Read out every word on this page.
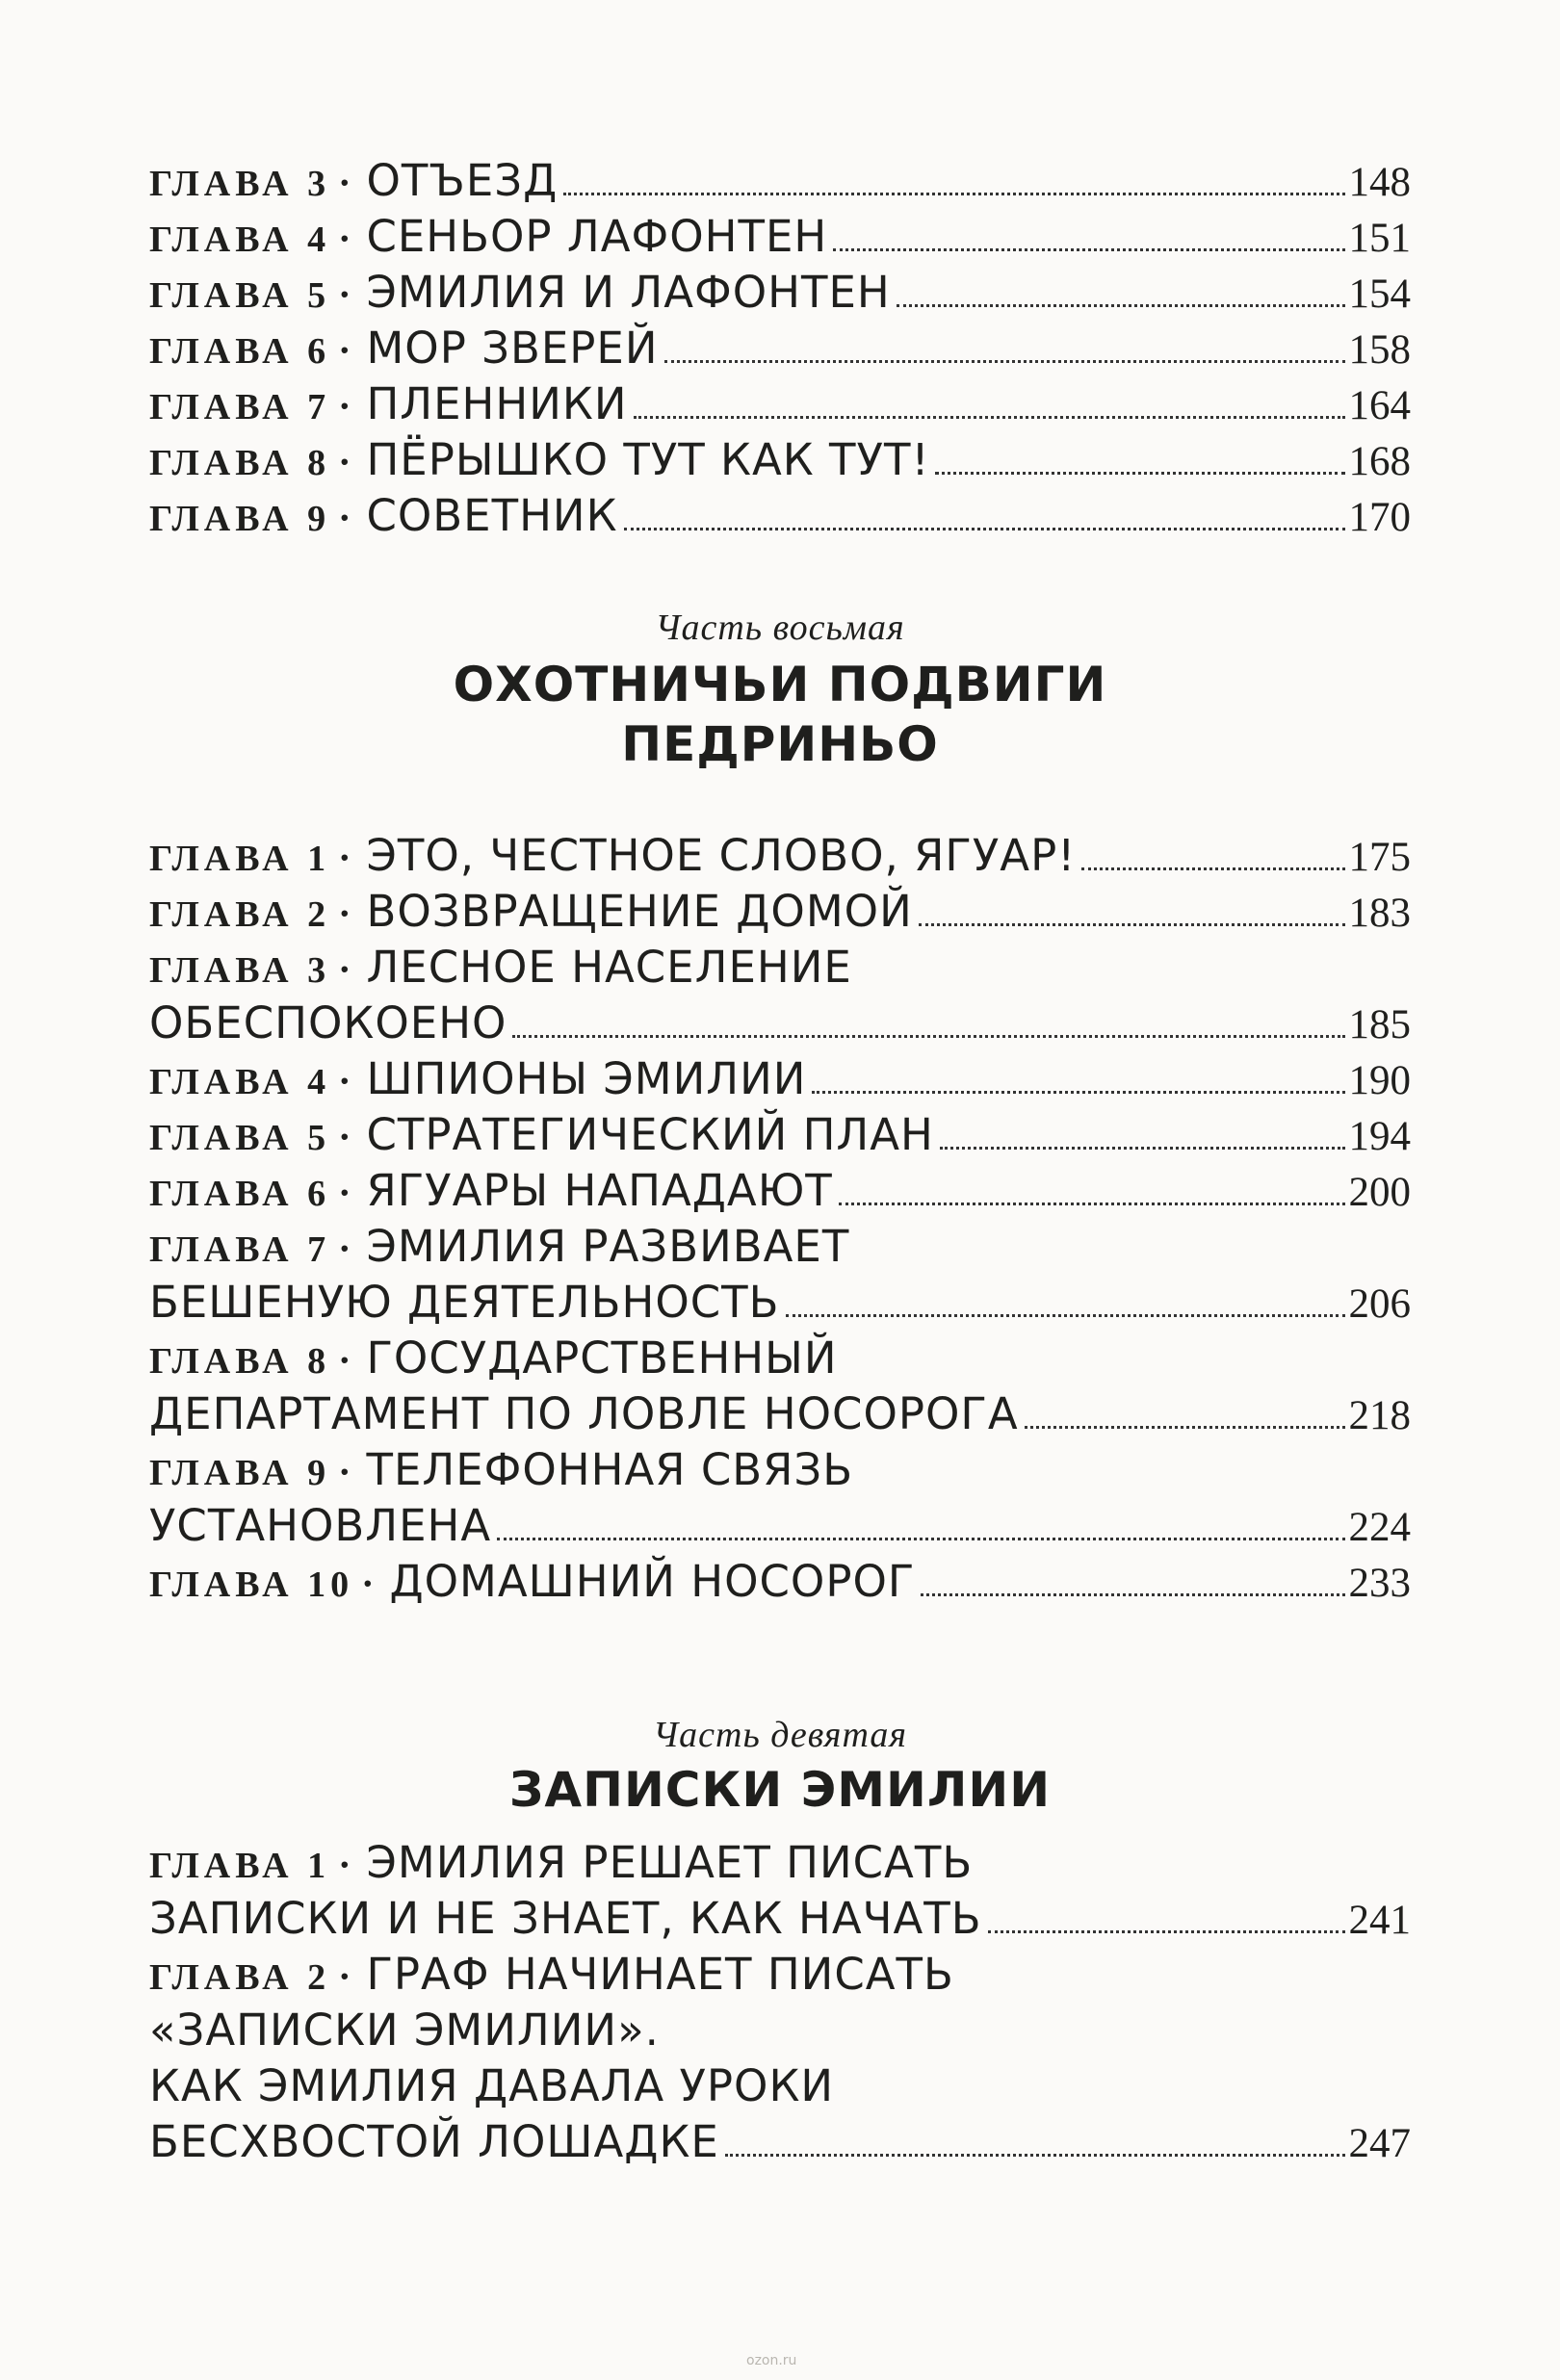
ГЛАВА 3 · ОТЪЕЗД	148
ГЛАВА 4 · СЕНЬОР ЛАФОНТЕН	151
ГЛАВА 5 · ЭМИЛИЯ И ЛАФОНТЕН	154
ГЛАВА 6 · МОР ЗВЕРЕЙ	158
ГЛАВА 7 · ПЛЕННИКИ	164
ГЛАВА 8 · ПЁРЫШКО ТУТ КАК ТУТ!	168
ГЛАВА 9 · СОВЕТНИК	170
Часть восьмая
ОХОТНИЧЬИ ПОДВИГИ
ПЕДРИНЬО
ГЛАВА 1 · ЭТО, ЧЕСТНОЕ СЛОВО, ЯГУАР!	175
ГЛАВА 2 · ВОЗВРАЩЕНИЕ ДОМОЙ	183
ГЛАВА 3 · ЛЕСНОЕ НАСЕЛЕНИЕ
ОБЕСПОКОЕНО	185
ГЛАВА 4 · ШПИОНЫ ЭМИЛИИ	190
ГЛАВА 5 · СТРАТЕГИЧЕСКИЙ ПЛАН	194
ГЛАВА 6 · ЯГУАРЫ НАПАДАЮТ	200
ГЛАВА 7 · ЭМИЛИЯ РАЗВИВАЕТ
БЕШЕНУЮ ДЕЯТЕЛЬНОСТЬ	206
ГЛАВА 8 · ГОСУДАРСТВЕННЫЙ
ДЕПАРТАМЕНТ ПО ЛОВЛЕ НОСОРОГА	218
ГЛАВА 9 · ТЕЛЕФОННАЯ СВЯЗЬ
УСТАНОВЛЕНА	224
ГЛАВА 10 · ДОМАШНИЙ НОСОРОГ	233
Часть девятая
ЗАПИСКИ ЭМИЛИИ
ГЛАВА 1 · ЭМИЛИЯ РЕШАЕТ ПИСАТЬ
ЗАПИСКИ И НЕ ЗНАЕТ, КАК НАЧАТЬ	241
ГЛАВА 2 · ГРАФ НАЧИНАЕТ ПИСАТЬ
«ЗАПИСКИ ЭМИЛИИ».
КАК ЭМИЛИЯ ДАВАЛА УРОКИ
БЕСХВОСТОЙ ЛОШАДКЕ	247
ozon.ru
